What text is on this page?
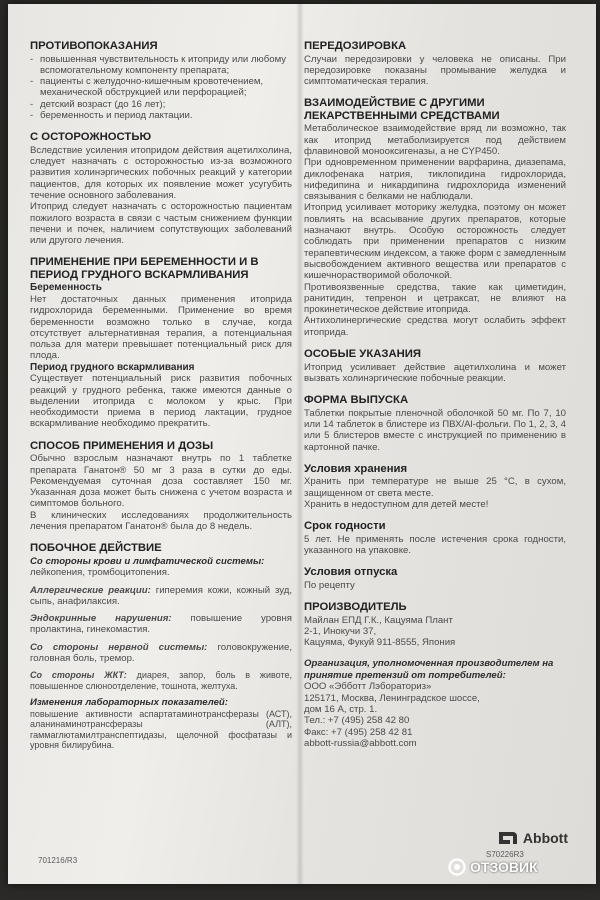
ПРОТИВОПОКАЗАНИЯ
- повышенная чувствительность к итоприду или любому вспомогательному компоненту препарата;
- пациенты с желудочно-кишечным кровотечением, механической обструкцией или перфорацией;
- детский возраст (до 16 лет);
- беременность и период лактации.
С ОСТОРОЖНОСТЬЮ

Вследствие усиления итопридом действия ацетилхолина, следует назначать с осторожностью из-за возможного развития холинэргических побочных реакций у категории пациентов, для которых их появление может усугубить течение основного заболевания.

Итоприд следует назначать с осторожностью пациентам пожилого возраста в связи с частым снижением функции печени и почек, наличием сопутствующих заболеваний или другого лечения.

ПРИМЕНЕНИЕ ПРИ БЕРЕМЕННОСТИ И В ПЕРИОД ГРУДНОГО ВСКАРМЛИВАНИЯ
Беременность

Нет достаточных данных применения итоприда гидрохлорида беременными. Применение во время беременности возможно только в случае, когда отсутствует альтернативная терапия, а потенциальная польза для матери превышает потенциальный риск для плода.

Период грудного вскармливания

Существует потенциальный риск развития побочных реакций у грудного ребенка, также имеются данные о выделении итоприда с молоком у крыс. При необходимости приема в период лактации, грудное вскармливание необходимо прекратить.

СПОСОБ ПРИМЕНЕНИЯ И ДОЗЫ

Обычно взрослым назначают внутрь по 1 таблетке препарата Ганатон® 50 мг 3 раза в сутки до еды. Рекомендуемая суточная доза составляет 150 мг. Указанная доза может быть снижена с учетом возраста и симптомов больного.

В клинических исследованиях продолжительность лечения препаратом Ганатон® была до 8 недель.

ПОБОЧНОЕ ДЕЙСТВИЕ
Со стороны крови и лимфатической системы:

лейкопения, тромбоцитопения.

Аллергические реакции: гиперемия кожи, кожный зуд, сыпь, анафилаксия.

Эндокринные нарушения: повышение уровня пролактина, гинекомастия.

Со стороны нервной системы: головокружение, головная боль, тремор.

Со стороны ЖКТ: диарея, запор, боль в животе, повышенное слюноотделение, тошнота, желтуха.

Изменения лабораторных показателей:

повышение активности аспартатаминотрансферазы (АСТ), аланинаминотрансферазы (АЛТ), гаммаглютамилтранспептидазы, щелочной фосфатазы и уровня билирубина.

701216/R3
ПЕРЕДОЗИРОВКА

Случаи передозировки у человека не описаны. При передозировке показаны промывание желудка и симптоматическая терапия.

ВЗАИМОДЕЙСТВИЕ С ДРУГИМИ ЛЕКАРСТВЕННЫМИ СРЕДСТВАМИ

Метаболическое взаимодействие вряд ли возможно, так как итоприд метаболизируется под действием флавиновой монооксигеназы, а не CYP450.

При одновременном применении варфарина, диазепама, диклофенака натрия, тиклопидина гидрохлорида, нифедипина и никардипина гидрохлорида изменений связывания с белками не наблюдали.

Итоприд усиливает моторику желудка, поэтому он может повлиять на всасывание других препаратов, которые назначают внутрь. Особую осторожность следует соблюдать при применении препаратов с низким терапевтическим индексом, а также форм с замедленным высвобождением активного вещества или препаратов с кишечнорастворимой оболочкой.

Противоязвенные средства, такие как циметидин, ранитидин, тепренон и цетраксат, не влияют на прокинетическое действие итоприда.

Антихолинергические средства могут ослабить эффект итоприда.

ОСОБЫЕ УКАЗАНИЯ

Итоприд усиливает действие ацетилхолина и может вызвать холинэргические побочные реакции.

ФОРМА ВЫПУСКА

Таблетки покрытые пленочной оболочкой 50 мг. По 7, 10 или 14 таблеток в блистере из ПВХ/Al-фольги. По 1, 2, 3, 4 или 5 блистеров вместе с инструкцией по применению в картонной пачке.

Условия хранения

Хранить при температуре не выше 25 °С, в сухом, защищенном от света месте.

Хранить в недоступном для детей месте!

Срок годности

5 лет. Не применять после истечения срока годности, указанного на упаковке.

Условия отпуска

По рецепту

ПРОИЗВОДИТЕЛЬ

Майлан ЕПД Г.К., Кацуяма Плант

2-1, Инокучи 37,

Кацуяма, Фукуй 911-8555, Япония

Организация, уполномоченная производителем на принятие претензий от потребителей:

ООО «Эбботт Лэбораториз»

125171, Москва, Ленинградское шоссе,

дом 16 А, стр. 1.

Тел.: +7 (495) 258 42 80

Факс: +7 (495) 258 42 81

abbott-russia@abbott.com

Abbott
S70226R3
ОТЗОВИК
